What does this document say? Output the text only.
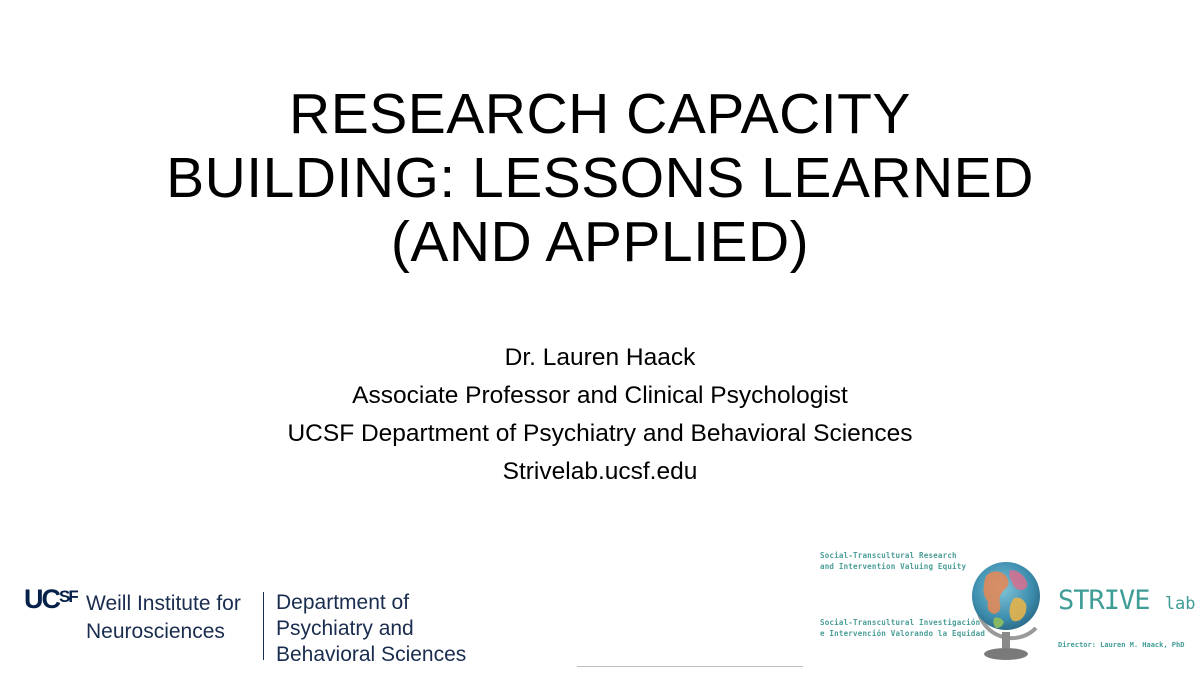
RESEARCH CAPACITY
BUILDING: LESSONS LEARNED
(AND APPLIED)
Dr. Lauren Haack
Associate Professor and Clinical Psychologist
UCSF Department of Psychiatry and Behavioral Sciences
Strivelab.ucsf.edu
$UC^{SF}$ Weill Institute for
Neurosciences
Department of
Psychiatry and
Behavioral Sciences
Social-Transcultural Research
and Intervention Valuing Equity
Social-Transcultural Investigación
e Intervención Valorando la Equidad
STRIVE lab
Director: Lauren M. Haack, PhD
